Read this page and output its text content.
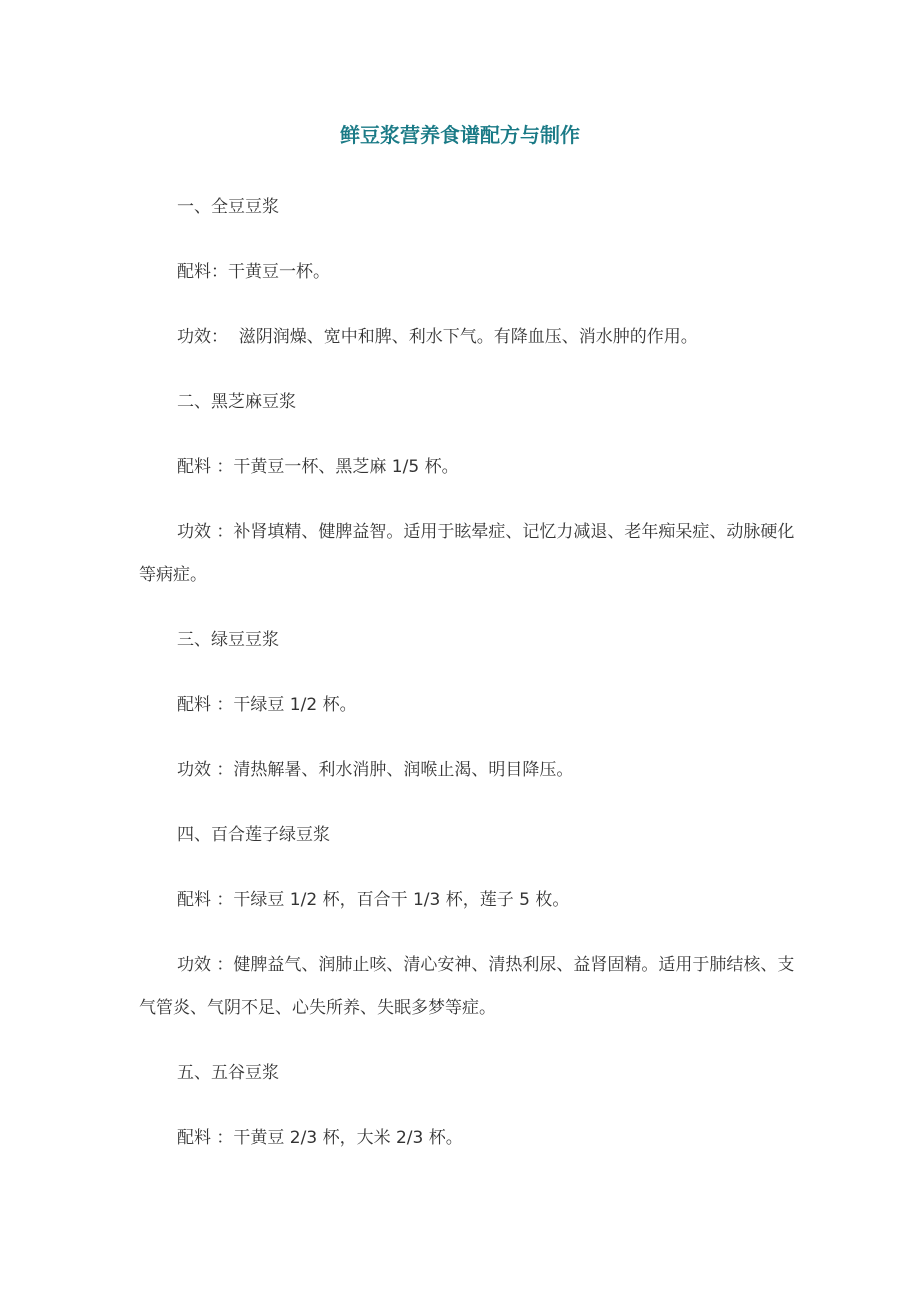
鲜豆浆营养食谱配方与制作

一、全豆豆浆

配料：干黄豆一杯。

功效：  滋阴润燥、宽中和脾、利水下气。有降血压、消水肿的作用。

二、黑芝麻豆浆

配料 ：干黄豆一杯、黑芝麻 1/5 杯。

功效 ：补肾填精、健脾益智。适用于眩晕症、记忆力减退、老年痴呆症、动脉硬化等病症。

三、绿豆豆浆

配料 ：干绿豆 1/2 杯。

功效 ：清热解暑、利水消肿、润喉止渴、明目降压。

四、百合莲子绿豆浆

配料 ：干绿豆 1/2 杯，百合干 1/3 杯，莲子 5 枚。

功效 ：健脾益气、润肺止咳、清心安神、清热利尿、益肾固精。适用于肺结核、支气管炎、气阴不足、心失所养、失眠多梦等症。

五、五谷豆浆

配料 ：干黄豆 2/3 杯，大米 2/3 杯。
